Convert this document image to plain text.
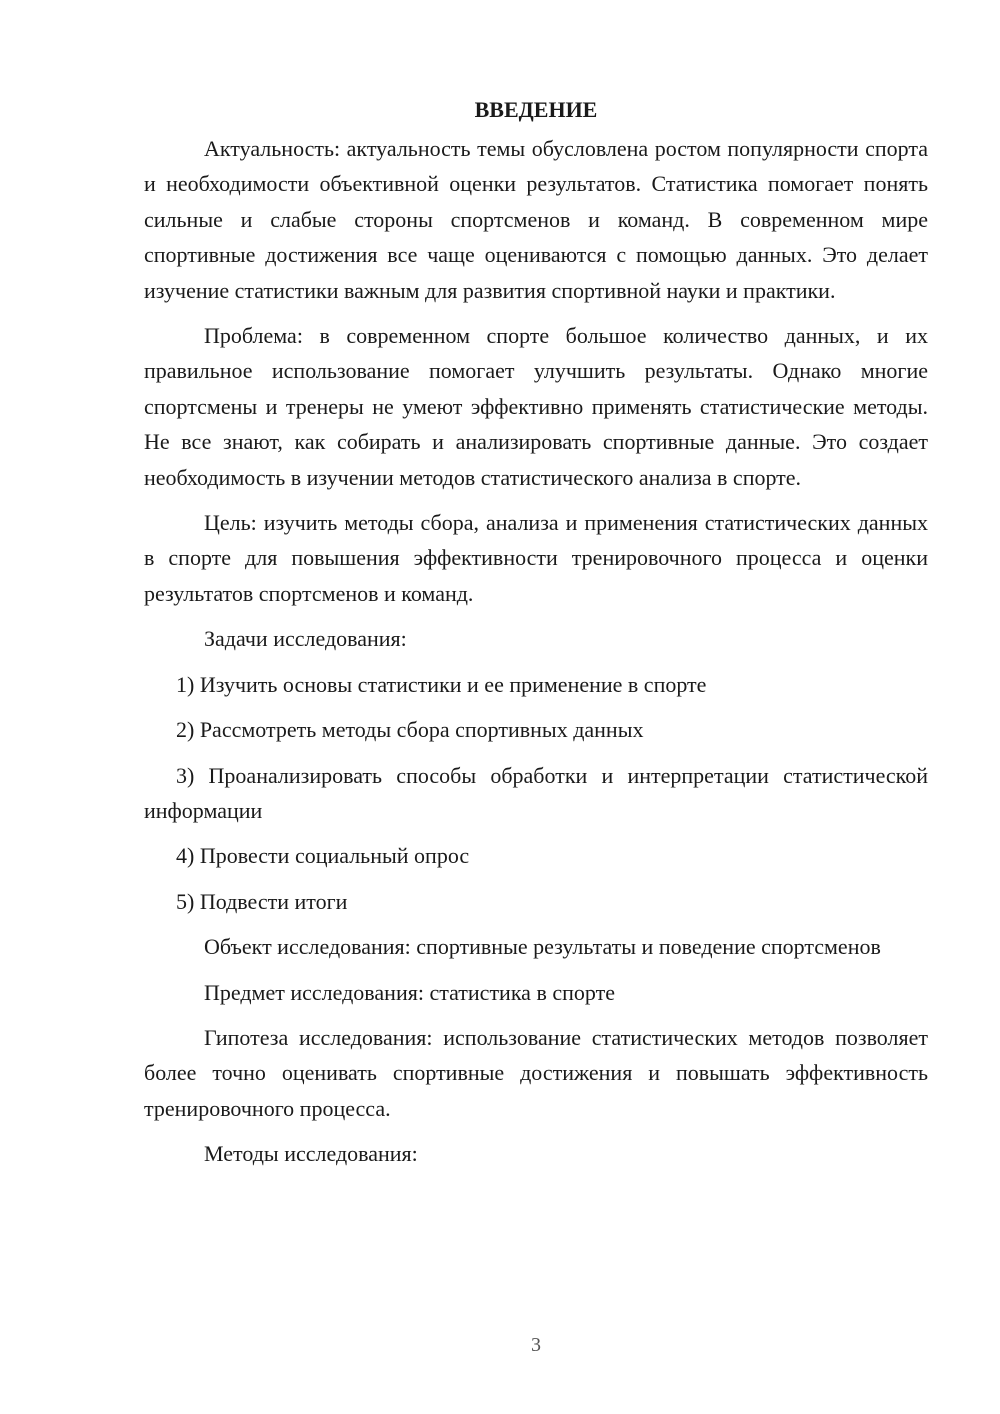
ВВЕДЕНИЕ

Актуальность: актуальность темы обусловлена ростом популярности спорта и необходимости объективной оценки результатов. Статистика помогает понять сильные и слабые стороны спортсменов и команд. В современном мире спортивные достижения все чаще оцениваются с помощью данных. Это делает изучение статистики важным для развития спортивной науки и практики.

Проблема: в современном спорте большое количество данных, и их правильное использование помогает улучшить результаты. Однако многие спортсмены и тренеры не умеют эффективно применять статистические методы. Не все знают, как собирать и анализировать спортивные данные. Это создает необходимость в изучении методов статистического анализа в спорте.

Цель: изучить методы сбора, анализа и применения статистических данных в спорте для повышения эффективности тренировочного процесса и оценки результатов спортсменов и команд.

Задачи исследования:

1) Изучить основы статистики и ее применение в спорте

2) Рассмотреть методы сбора спортивных данных

3) Проанализировать способы обработки и интерпретации статистической информации

4) Провести социальный опрос

5) Подвести итоги

Объект исследования: спортивные результаты и поведение спортсменов

Предмет исследования: статистика в спорте

Гипотеза исследования: использование статистических методов позволяет более точно оценивать спортивные достижения и повышать эффективность тренировочного процесса.

Методы исследования:

3
